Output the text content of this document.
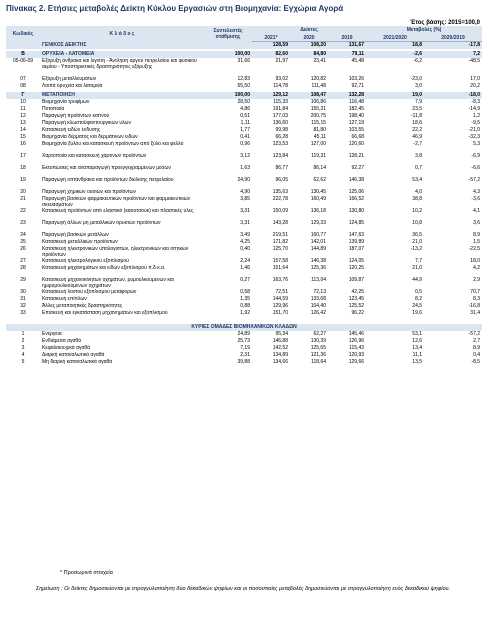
Πίνακας 2. Ετήσιες μεταβολές Δείκτη Κύκλου Εργασιών στη Βιομηχανία: Εγχώρια Αγορά
Έτος βάσης: 2015=100,0
Κωδικός	Κ λ ά δ ο ς	Συντελεστές στάθμισης	Δείκτες			Μεταβολές (%)	
			2021*	2020	2019	2021/2020	2020/2019
	ΓΕΝΙΚΟΣ ΔΕΙΚΤΗΣ		128,59	108,20	131,67	18,8	-17,8

B	ΟΡΥΧΕΙΑ - ΛΑΤΟΜΕΙΑ	100,00	82,60	84,80	79,11	-2,6	7,2
05-06-09	Εξόρυξη άνθρακα και λιγνίτη - Άντληση αργού πετρελαίου και φυσικού αερίου - Υποστηρικτικές δραστηριότητες εξόρυξης	31,66	21,97	23,41	45,48	-6,2	-48,5
07	Εξόρυξη μεταλλευμάτων	12,83	93,02	120,82	103,26	-23,0	17,0
08	Λοιπά ορυχεία και λατομεία	55,50	114,78	111,48	92,71	3,0	20,2

Γ	ΜΕΤΑΠΟΙΗΣΗ	100,00	129,12	108,47	132,28	19,0	-18,0
10	Βιομηχανία τροφίμων	28,50	115,33	106,86	116,48	7,9	-8,3
11	Ποτοποιία	4,86	191,84	155,31	182,45	23,5	-14,9
12	Παραγωγή προϊόντων καπνού	0,51	177,03	200,75	198,40	-11,8	1,2
13	Παραγωγή κλωστοϋφαντουργικών υλών	1,11	136,60	115,15	127,19	18,6	-9,5
14	Κατασκευή ειδών ένδυσης	1,77	99,98	81,80	103,55	22,2	-21,0
15	Βιομηχανία δέρματος και δερμάτινων ειδών	0,41	66,28	45,11	66,68	46,9	-32,3
16	Βιομηχανία ξύλου και κατασκευή προϊόντων από ξύλο και φελλό	0,96	123,53	127,00	120,60	-2,7	5,3
17	Χαρτοποιία και κατασκευή χάρτινων προϊόντων	3,12	123,84	119,31	128,21	3,8	-6,9
18	Εκτυπώσεις και αναπαραγωγή προεγγεγραμμένων μέσων	1,63	86,77	86,14	92,27	0,7	-6,6
19	Παραγωγή οπτάνθρακα και προϊόντων διύλισης πετρελαίου	24,90	96,05	62,62	146,38	53,4	-57,2
20	Παραγωγή χημικών ουσιών και προϊόντων	4,90	135,63	130,45	125,06	4,0	4,3
21	Παραγωγή βασικών φαρμακευτικών προϊόντων και φαρμακευτικών σκευασμάτων	3,85	222,78	160,49	166,52	38,8	-3,6
22	Κατασκευή προϊόντων από ελαστικό (καουτσούκ) και πλαστικές ύλες	3,31	150,09	136,18	130,80	10,2	4,1
23	Παραγωγή άλλων μη μεταλλικών ορυκτών προϊόντων	3,31	143,28	129,33	124,85	10,8	3,6
24	Παραγωγή βασικών μετάλλων	3,49	219,51	160,77	147,63	36,5	8,9
25	Κατασκευή μεταλλικών προϊόντων	4,25	171,82	142,01	139,89	21,0	1,5
26	Κατασκευή ηλεκτρονικών υπολογιστών, ηλεκτρονικών και οπτικών προϊόντων	0,40	125,70	144,89	187,07	-13,2	-22,5
27	Κατασκευή ηλεκτρολογικού εξοπλισμού	2,24	157,58	146,38	124,05	7,7	18,0
28	Κατασκευή μηχανημάτων και ειδών εξοπλισμού π.δ.κ.α.	1,46	151,64	125,36	120,25	21,0	4,2
29	Κατασκευή μηχανοκίνητων οχημάτων, ρυμουλκούμενων και ημιρυμουλκούμενων οχημάτων	0,27	163,76	113,04	109,87	44,9	2,9
30	Κατασκευή λοιπού εξοπλισμού μεταφορών	0,58	72,51	72,13	42,25	0,5	70,7
31	Κατασκευή επίπλων	1,35	144,59	133,68	123,45	8,2	8,3
32	Άλλες μεταποιητικές δραστηριότητες	0,88	129,96	104,40	125,52	24,5	-16,8
33	Επισκευή και εγκατάσταση μηχανημάτων και εξοπλισμού	1,92	151,70	126,42	96,22	19,6	31,4

ΚΥΡΙΕΣ ΟΜΑΔΕΣ ΒΙΟΜΗΧΑΝΙΚΩΝ ΚΛΑΔΩΝ							
1	Ενέργεια	24,89	95,34	62,27	145,46	53,1	-57,2
2	Ενδιάμεσα αγαθά	25,73	146,88	130,39	126,96	12,6	2,7
3	Κεφαλαιουχικά αγαθά	7,19	142,52	125,65	115,43	13,4	8,9
4	Διαρκή καταναλωτικά αγαθά	2,31	134,89	121,36	120,93	11,1	0,4
5	Μη διαρκή καταναλωτικά αγαθά	39,88	134,66	118,64	129,66	13,5	-8,5
* Προσωρινά στοιχεία
Σημείωση : Οι δείκτες δημοσιεύονται με στρογγυλοποίηση δύο δεκαδικών ψηφίων και οι ποσοστιαίες μεταβολές δημοσιεύονται με στρογγυλοποίηση ενός δεκαδικού ψηφίου.
